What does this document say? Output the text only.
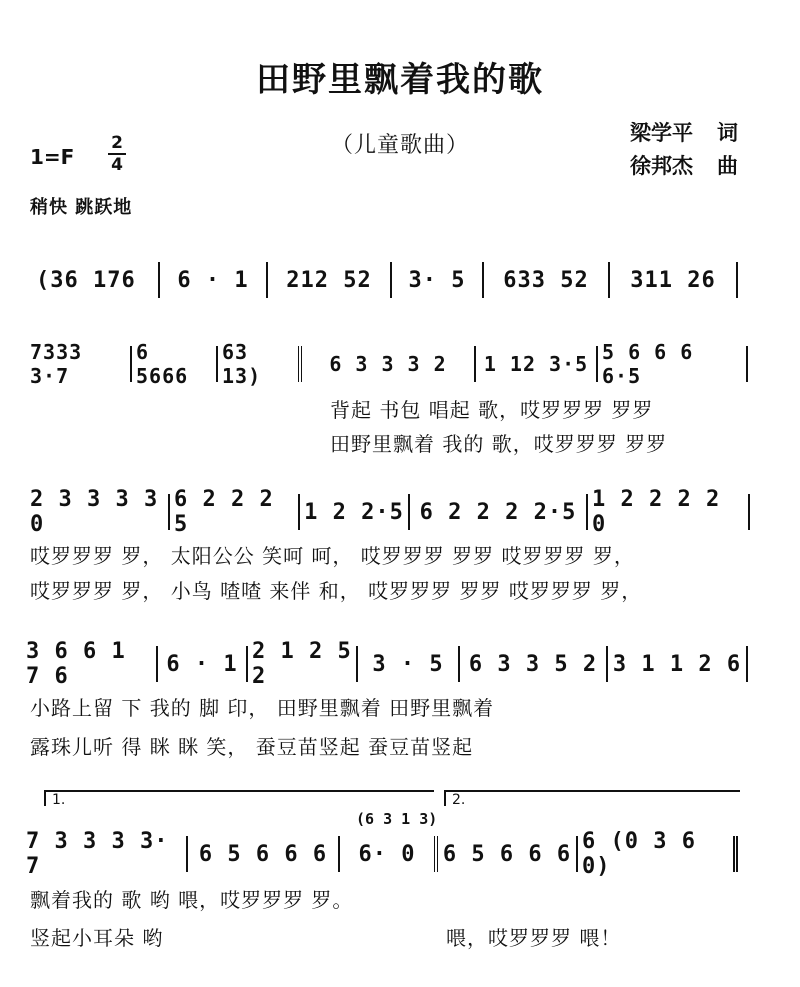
田野里飘着我的歌
（儿童歌曲）	梁学平 词
徐邦杰 曲
1=F
2
4
稍快 跳跃地
(36 176 6 · 1 212 52 3· 5 633 52 311 26
7333 3·7
6 5666
63 13)	6 3 3 3 2 1 12 3·5 5 6 6 6 6·5
背起 书包 唱起 歌，哎罗罗罗 罗罗
田野里飘着 我的 歌，哎罗罗罗 罗罗
2 3 3 3 3 0
6 2 2 2 5	1 2 2·5 6 2 2 2 2·5 1 2 2 2 2 0
哎罗罗罗 罗， 太阳公公 笑呵 呵， 哎罗罗罗 罗罗 哎罗罗罗 罗，
哎罗罗罗 罗， 小鸟 喳喳 来伴 和， 哎罗罗罗 罗罗 哎罗罗罗 罗，
3 6 6 1 7 6	6 · 1 2 1 2 5 2	3 · 5 6 3 3 5 2 3 1 1 2 6
小路上留 下 我的 脚 印， 田野里飘着 田野里飘着
露珠儿听 得 眯 眯 笑， 蚕豆苗竖起 蚕豆苗竖起
1.	2.
(6 3 1 3)
7 3 3 3 3· 7	6 5 6 6 6 6· 0 6 5 6 6 6 6 (0 3 6 0)
飘着我的 歌 哟 喂，哎罗罗罗 罗。
竖起小耳朵 哟	喂，哎罗罗罗 喂！
